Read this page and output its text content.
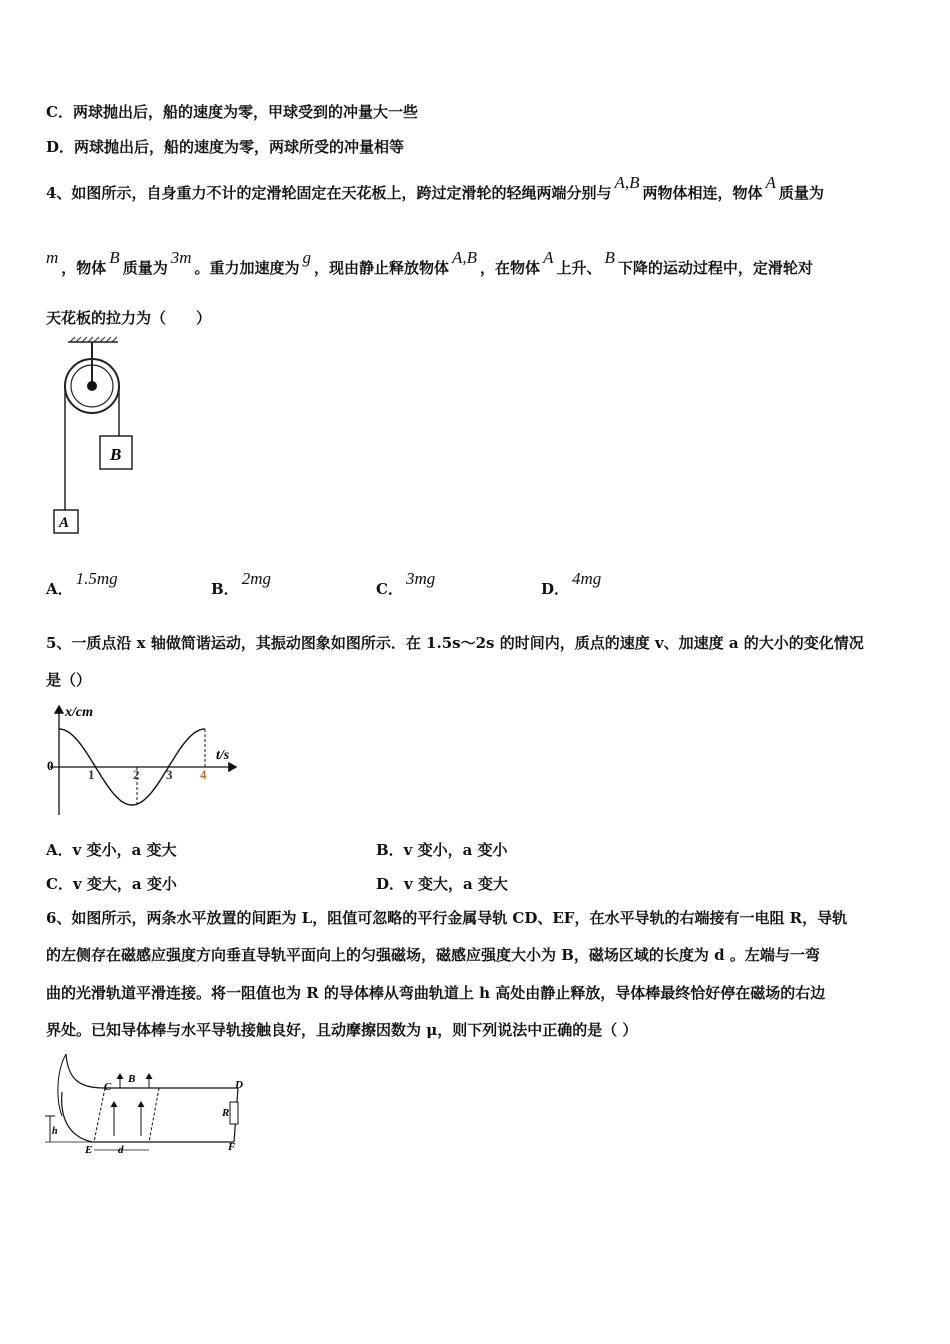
C．两球抛出后，船的速度为零，甲球受到的冲量大一些
D．两球抛出后，船的速度为零，两球所受的冲量相等
4、如图所示，自身重力不计的定滑轮固定在天花板上，跨过定滑轮的轻绳两端分别与A,B两物体相连，物体A质量为
m，物体B质量为3m。重力加速度为g，现由静止释放物体A,B，在物体A上升、B下降的运动过程中，定滑轮对
天花板的拉力为（　　）
B
A
A．1.5mg
B．2mg
C．3mg
D．4mg
5、一质点沿 x 轴做简谐运动，其振动图象如图所示．在 1.5s～2s 的时间内，质点的速度 v、加速度 a 的大小的变化情况
是（）
x/cm
t/s
0
1	2 3 4
A．v 变小，a 变大	B．v 变小，a 变小
C．v 变大，a 变小	D．v 变大，a 变大
6、如图所示，两条水平放置的间距为 L，阻值可忽略的平行金属导轨 CD、EF，在水平导轨的右端接有一电阻 R，导轨
的左侧存在磁感应强度方向垂直导轨平面向上的匀强磁场，磁感应强度大小为 B，磁场区域的长度为 d 。左端与一弯
曲的光滑轨道平滑连接。将一阻值也为 R 的导体棒从弯曲轨道上 h 高处由静止释放，导体棒最终恰好停在磁场的右边
界处。已知导体棒与水平导轨接触良好，且动摩擦因数为 μ，则下列说法中正确的是（ ）
C
B	D
R
h
E d	F
